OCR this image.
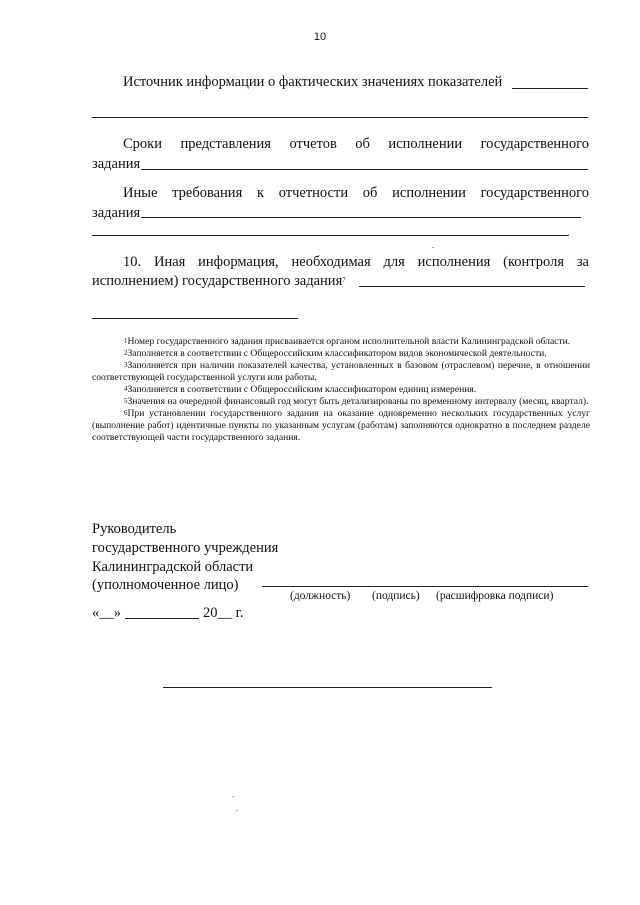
10
Источник информации о фактических значениях показателей
Сроки представления отчетов об исполнении государственного
задания
Иные требования к отчетности об исполнении государственного
задания
10. Иная информация, необходимая для исполнения (контроля за
исполнением) государственного задания$^7$

$^1$Номер государственного задания присваивается органом исполнительной власти Калининградской области.

$^2$Заполняется в соответствии с Общероссийским классификатором видов экономической деятельности.

$^3$Заполняется при наличии показателей качества, установленных в базовом (отраслевом) перечне, в отношении соответствующей государственной услуги или работы.

$^4$Заполняется в соответствии с Общероссийским классификатором единиц измерения.

$^5$Значения на очередной финансовый год могут быть детализированы по временному интервалу (месяц, квартал).

$^6$При установлении государственного задания на оказание одновременно нескольких государственных услуг (выполнение работ) идентичные пункты по указанным услугам (работам) заполняются однократно в последнем разделе соответствующей части государственного задания.

Руководитель
государственного учреждения
Калининградской области
(уполномоченное лицо)
(должность) (подпись) (расшифровка подписи)
«__»	20__ г.
